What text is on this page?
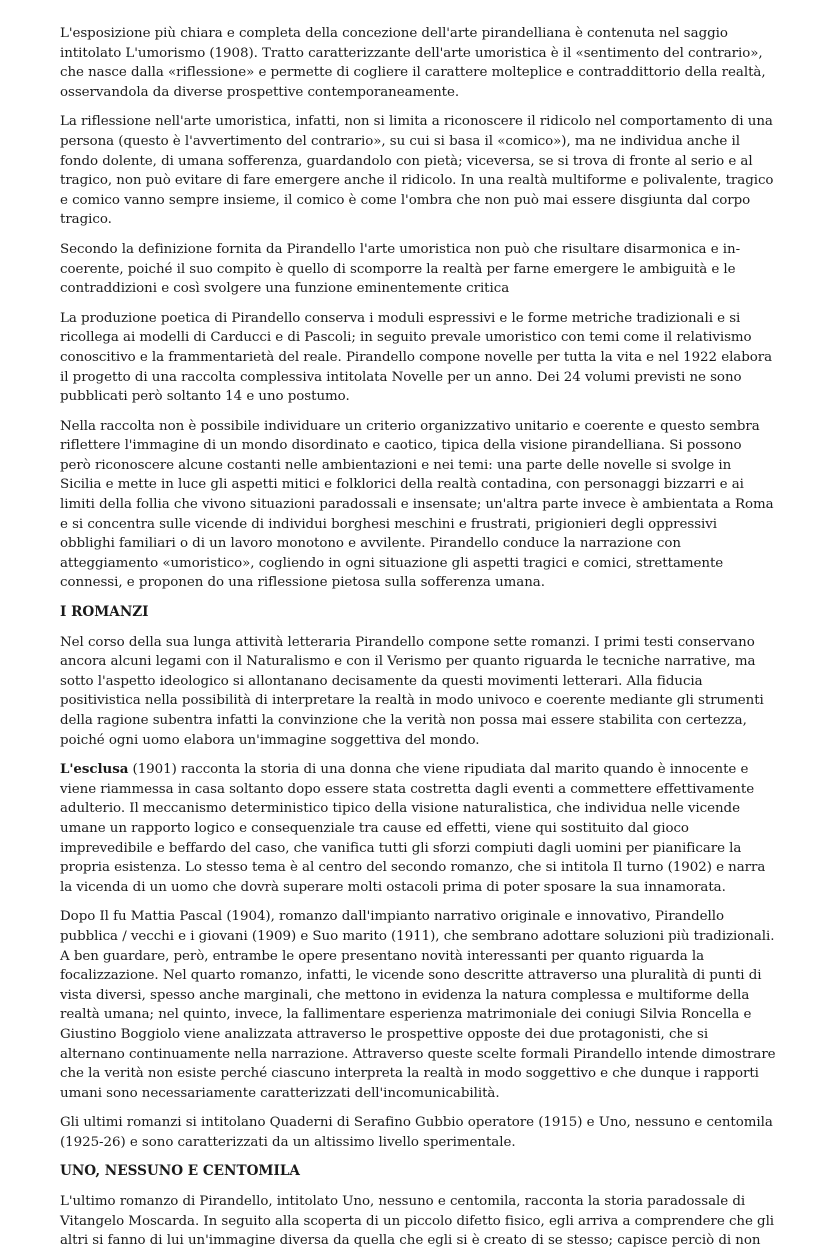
L'esposizione più chiara e completa della concezione dell'arte pirandelliana è contenuta nel saggio intitolato L'umorismo (1908). Tratto caratterizzante dell'arte umoristica è il «sentimento del contrario», che nasce dalla «riflessione» e permette di cogliere il carattere molteplice e contraddittorio della realtà, osservandola da diverse prospettive contemporaneamente.

La riflessione nell'arte umoristica, infatti, non si limita a riconoscere il ridicolo nel comportamento di una persona (questo è l'avvertimento del contrario», su cui si basa il «comico»), ma ne individua anche il fondo dolente, di umana sofferenza, guardandolo con pietà; viceversa, se si trova di fronte al serio e al tragico, non può evitare di fare emergere anche il ridicolo. In una realtà multiforme e polivalente, tragico e comico vanno sempre insieme, il comico è come l'ombra che non può mai essere disgiunta dal corpo tragico.

Secondo la definizione fornita da Pirandello l'arte umoristica non può che risultare disarmonica e in-coerente, poiché il suo compito è quello di scomporre la realtà per farne emergere le ambiguità e le contraddizioni e così svolgere una funzione eminentemente critica

La produzione poetica di Pirandello conserva i moduli espressivi e le forme metriche tradizionali e si ricollega ai modelli di Carducci e di Pascoli; in seguito prevale umoristico con temi come il relativismo conoscitivo e la frammentarietà del reale. Pirandello compone novelle per tutta la vita e nel 1922 elabora il progetto di una raccolta complessiva intitolata Novelle per un anno. Dei 24 volumi previsti ne sono pubblicati però soltanto 14 e uno postumo.

Nella raccolta non è possibile individuare un criterio organizzativo unitario e coerente e questo sembra riflettere l'immagine di un mondo disordinato e caotico, tipica della visione pirandelliana. Si possono però riconoscere alcune costanti nelle ambientazioni e nei temi: una parte delle novelle si svolge in Sicilia e mette in luce gli aspetti mitici e folklorici della realtà contadina, con personaggi bizzarri e ai limiti della follia che vivono situazioni paradossali e insensate; un'altra parte invece è ambientata a Roma e si concentra sulle vicende di individui borghesi meschini e frustrati, prigionieri degli oppressivi obblighi familiari o di un lavoro monotono e avvilente. Pirandello conduce la narrazione con atteggiamento «umoristico», cogliendo in ogni situazione gli aspetti tragici e comici, strettamente connessi, e proponen do una riflessione pietosa sulla sofferenza umana.

I ROMANZI

Nel corso della sua lunga attività letteraria Pirandello compone sette romanzi. I primi testi conservano ancora alcuni legami con il Naturalismo e con il Verismo per quanto riguarda le tecniche narrative, ma sotto l'aspetto ideologico si allontanano decisamente da questi movimenti letterari. Alla fiducia positivistica nella possibilità di interpretare la realtà in modo univoco e coerente mediante gli strumenti della ragione subentra infatti la convinzione che la verità non possa mai essere stabilita con certezza, poiché ogni uomo elabora un'immagine soggettiva del mondo.

L'esclusa (1901) racconta la storia di una donna che viene ripudiata dal marito quando è innocente e viene riammessa in casa soltanto dopo essere stata costretta dagli eventi a commettere effettivamente adulterio. Il meccanismo deterministico tipico della visione naturalistica, che individua nelle vicende umane un rapporto logico e consequenziale tra cause ed effetti, viene qui sostituito dal gioco imprevedibile e beffardo del caso, che vanifica tutti gli sforzi compiuti dagli uomini per pianificare la propria esistenza. Lo stesso tema è al centro del secondo romanzo, che si intitola Il turno (1902) e narra la vicenda di un uomo che dovrà superare molti ostacoli prima di poter sposare la sua innamorata.

Dopo Il fu Mattia Pascal (1904), romanzo dall'impianto narrativo originale e innovativo, Pirandello pubblica / vecchi e i giovani (1909) e Suo marito (1911), che sembrano adottare soluzioni più tradizionali. A ben guardare, però, entrambe le opere presentano novità interessanti per quanto riguarda la focalizzazione. Nel quarto romanzo, infatti, le vicende sono descritte attraverso una pluralità di punti di vista diversi, spesso anche marginali, che mettono in evidenza la natura complessa e multiforme della realtà umana; nel quinto, invece, la fallimentare esperienza matrimoniale dei coniugi Silvia Roncella e Giustino Boggiolo viene analizzata attraverso le prospettive opposte dei due protagonisti, che si alternano continuamente nella narrazione. Attraverso queste scelte formali Pirandello intende dimostrare che la verità non esiste perché ciascuno interpreta la realtà in modo soggettivo e che dunque i rapporti umani sono necessariamente caratterizzati dell'incomunicabilità.

Gli ultimi romanzi si intitolano Quaderni di Serafino Gubbio operatore (1915) e Uno, nessuno e centomila (1925-26) e sono caratterizzati da un altissimo livello sperimentale.

UNO, NESSUNO E CENTOMILA

L'ultimo romanzo di Pirandello, intitolato Uno, nessuno e centomila, racconta la storia paradossale di Vitangelo Moscarda. In seguito alla scoperta di un piccolo difetto fisico, egli arriva a comprendere che gli altri si fanno di lui un'immagine diversa da quella che egli si è creato di se stesso; capisce perciò di non
